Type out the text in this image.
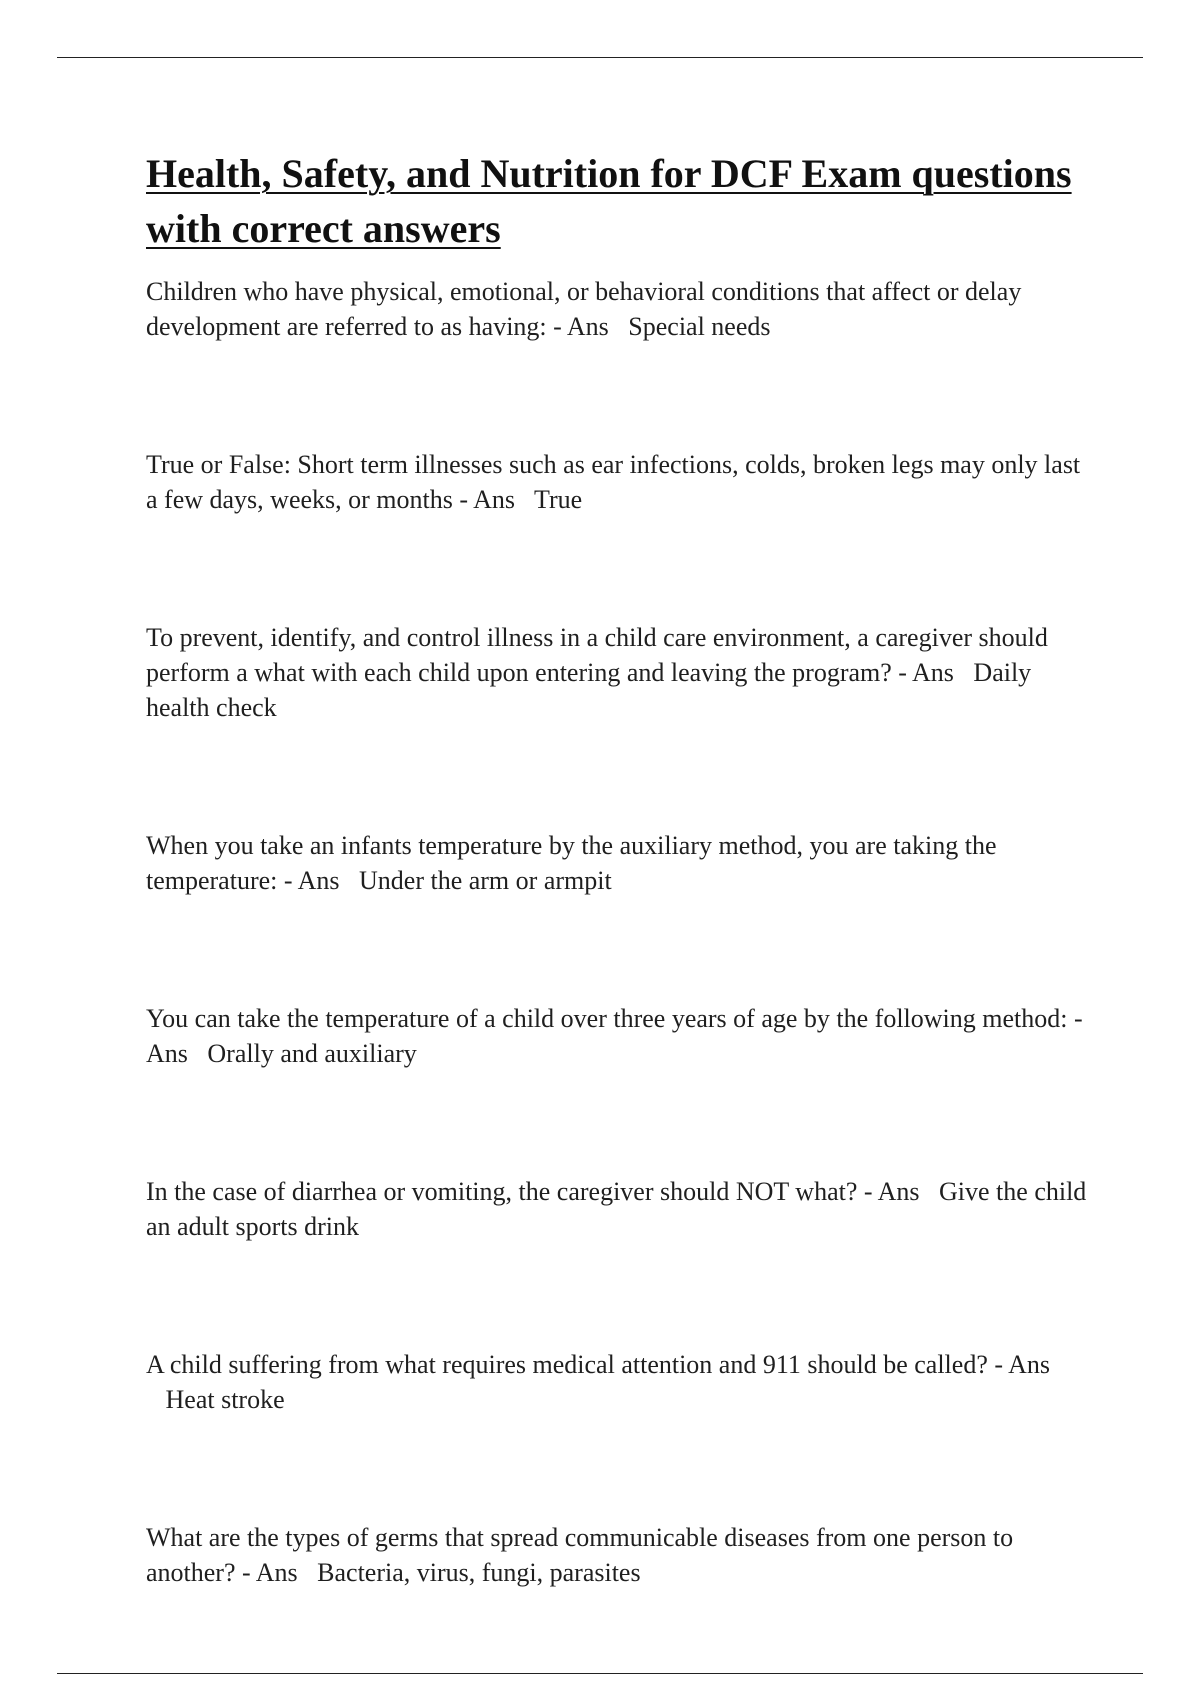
Health, Safety, and Nutrition for DCF Exam questions with correct answers

Children who have physical, emotional, or behavioral conditions that affect or delay development are referred to as having: - Ans Special needs

True or False: Short term illnesses such as ear infections, colds, broken legs may only last a few days, weeks, or months - Ans True

To prevent, identify, and control illness in a child care environment, a caregiver should perform a what with each child upon entering and leaving the program? - Ans Daily health check

When you take an infants temperature by the auxiliary method, you are taking the temperature: - Ans Under the arm or armpit

You can take the temperature of a child over three years of age by the following method: - Ans Orally and auxiliary

In the case of diarrhea or vomiting, the caregiver should NOT what? - Ans Give the child an adult sports drink

A child suffering from what requires medical attention and 911 should be called? - Ans   Heat stroke

What are the types of germs that spread communicable diseases from one person to another? - Ans Bacteria, virus, fungi, parasites
